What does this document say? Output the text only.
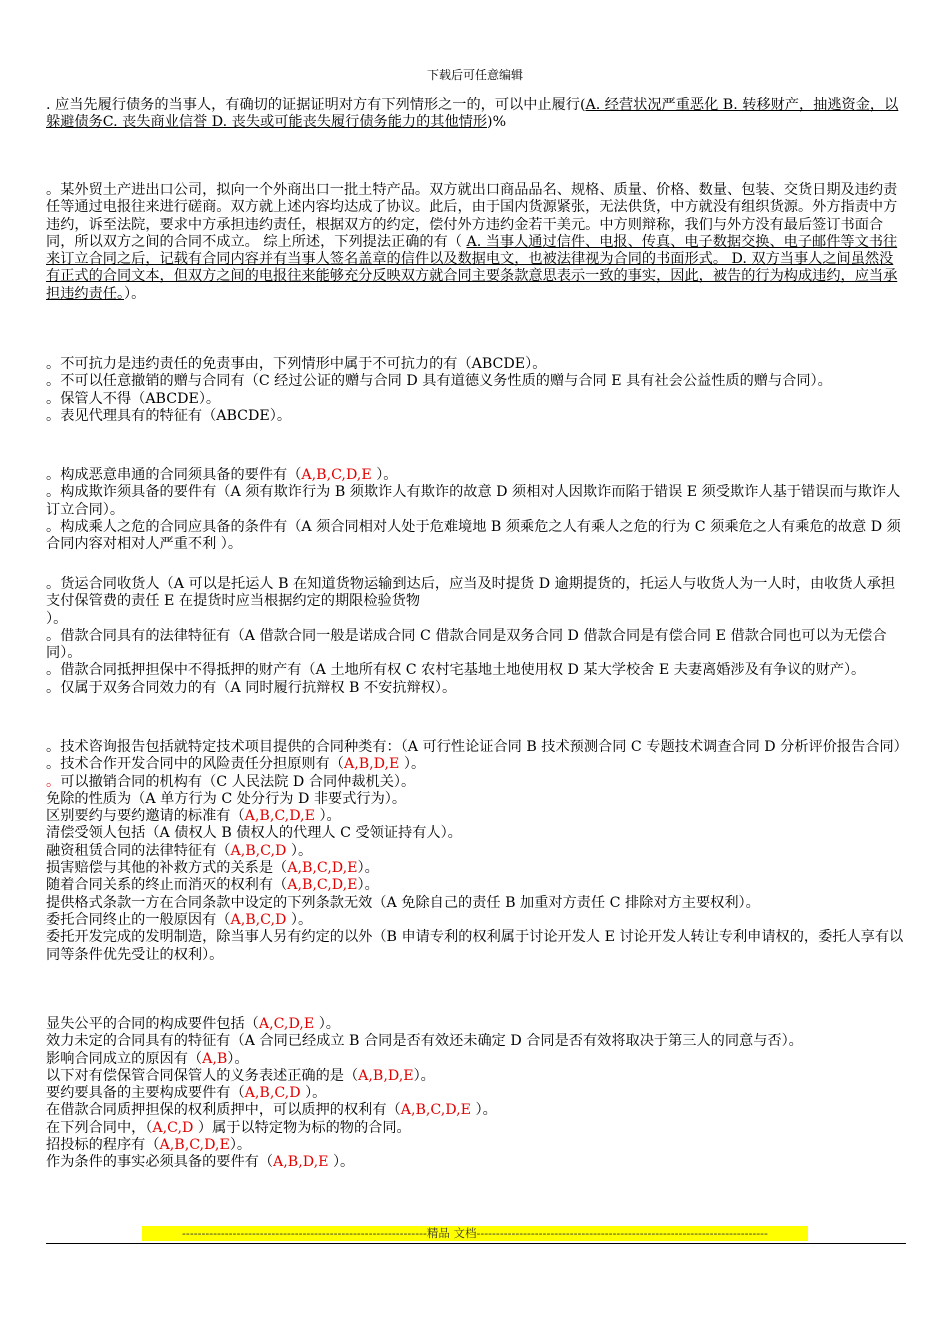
下载后可任意编辑
. 应当先履行债务的当事人，有确切的证据证明对方有下列情形之一的，可以中止履行(A. 经营状况严重恶化 B. 转移财产，抽逃资金，以躲避债务C. 丧失商业信誉 D. 丧失或可能丧失履行债务能力的其他情形)%
。某外贸土产进出口公司，拟向一个外商出口一批土特产品。双方就出口商品品名、规格、质量、价格、数量、包装、交货日期及违约责任等通过电报往来进行磋商。双方就上述内容均达成了协议。此后，由于国内货源紧张，无法供货，中方就没有组织货源。外方指责中方违约，诉至法院，要求中方承担违约责任，根据双方的约定，偿付外方违约金若干美元。中方则辩称，我们与外方没有最后签订书面合同，所以双方之间的合同不成立。 综上所述，下列提法正确的有（ A. 当事人通过信件、电报、传真、电子数据交换、电子邮件等文书往来订立合同之后，记载有合同内容并有当事人签名盖章的信件以及数据电文，也被法律视为合同的书面形式。 D. 双方当事人之间虽然没有正式的合同文本，但双方之间的电报往来能够充分反映双方就合同主要条款意思表示一致的事实，因此，被告的行为构成违约，应当承担违约责任。）。
。不可抗力是违约责任的免责事由，下列情形中属于不可抗力的有（ABCDE）。
。不可以任意撤销的赠与合同有（C 经过公证的赠与合同 D 具有道德义务性质的赠与合同 E 具有社会公益性质的赠与合同）。
。保管人不得（ABCDE）。
。表见代理具有的特征有（ABCDE）。
。构成恶意串通的合同须具备的要件有（A,B,C,D,E ）。
。构成欺诈须具备的要件有（A 须有欺诈行为 B 须欺诈人有欺诈的故意 D 须相对人因欺诈而陷于错误 E 须受欺诈人基于错误而与欺诈人订立合同）。
。构成乘人之危的合同应具备的条件有（A 须合同相对人处于危难境地 B 须乘危之人有乘人之危的行为 C 须乘危之人有乘危的故意 D 须合同内容对相对人严重不利 ）。
。货运合同收货人（A 可以是托运人 B 在知道货物运输到达后，应当及时提货 D 逾期提货的，托运人与收货人为一人时，由收货人承担支付保管费的责任 E 在提货时应当根据约定的期限检验货物
）。
。借款合同具有的法律特征有（A 借款合同一般是诺成合同 C 借款合同是双务合同 D 借款合同是有偿合同 E 借款合同也可以为无偿合同）。
。借款合同抵押担保中不得抵押的财产有（A 土地所有权 C 农村宅基地土地使用权 D 某大学校舍 E 夫妻离婚涉及有争议的财产）。
。仅属于双务合同效力的有（A 同时履行抗辩权 B 不安抗辩权）。
。技术咨询报告包括就特定技术项目提供的合同种类有：（A 可行性论证合同 B 技术预测合同 C 专题技术调查合同 D 分析评价报告合同）
。技术合作开发合同中的风险责任分担原则有（A,B,D,E ）。
。可以撤销合同的机构有（C 人民法院 D 合同仲裁机关）。
免除的性质为（A 单方行为 C 处分行为 D 非要式行为）。
区别要约与要约邀请的标准有（A,B,C,D,E ）。
清偿受领人包括（A 债权人 B 债权人的代理人 C 受领证持有人）。
融资租赁合同的法律特征有（A,B,C,D ）。
损害赔偿与其他的补救方式的关系是（A,B,C,D,E）。
随着合同关系的终止而消灭的权利有（A,B,C,D,E）。
提供格式条款一方在合同条款中设定的下列条款无效（A 免除自己的责任 B 加重对方责任 C 排除对方主要权利）。
委托合同终止的一般原因有（A,B,C,D ）。
委托开发完成的发明制造，除当事人另有约定的以外（B 申请专利的权利属于讨论开发人 E 讨论开发人转让专利申请权的，委托人享有以同等条件优先受让的权利）。
显失公平的合同的构成要件包括（A,C,D,E ）。
效力未定的合同具有的特征有（A 合同已经成立 B 合同是否有效还未确定 D 合同是否有效将取决于第三人的同意与否）。
影响合同成立的原因有（A,B）。
以下对有偿保管合同保管人的义务表述正确的是（A,B,D,E）。
要约要具备的主要构成要件有（A,B,C,D ）。
在借款合同质押担保的权利质押中，可以质押的权利有（A,B,C,D,E ）。
在下列合同中，（A,C,D ）属于以特定物为标的物的合同。
招投标的程序有（A,B,C,D,E）。
作为条件的事实必须具备的要件有（A,B,D,E ）。
---------------------------------------------------------------精品 文档---------------------------------------------------------------------------
